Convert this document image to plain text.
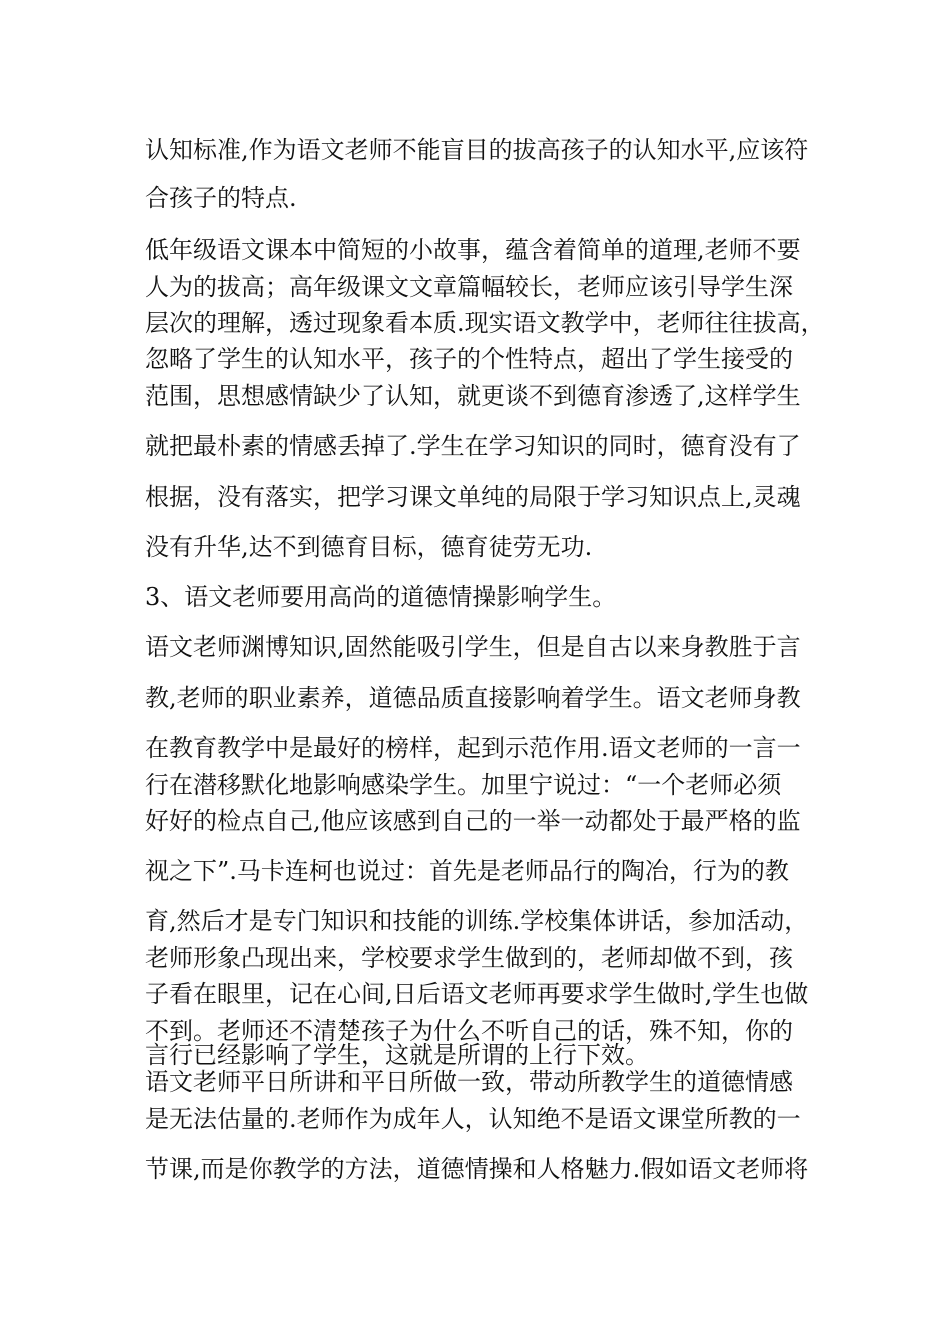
认知标准,作为语文老师不能盲目的拔高孩子的认知水平,应该符
合孩子的特点.
低年级语文课本中简短的小故事，蕴含着简单的道理,老师不要
人为的拔高；高年级课文文章篇幅较长，老师应该引导学生深
层次的理解，透过现象看本质.现实语文教学中，老师往往拔高，
忽略了学生的认知水平，孩子的个性特点，超出了学生接受的
范围，思想感情缺少了认知，就更谈不到德育渗透了,这样学生
就把最朴素的情感丢掉了.学生在学习知识的同时，德育没有了
根据，没有落实，把学习课文单纯的局限于学习知识点上,灵魂
没有升华,达不到德育目标，德育徒劳无功.
3、语文老师要用高尚的道德情操影响学生。
语文老师渊博知识,固然能吸引学生，但是自古以来身教胜于言
教,老师的职业素养，道德品质直接影响着学生。语文老师身教
在教育教学中是最好的榜样，起到示范作用.语文老师的一言一
行在潜移默化地影响感染学生。加里宁说过：“一个老师必须
好好的检点自己,他应该感到自己的一举一动都处于最严格的监
视之下”.马卡连柯也说过：首先是老师品行的陶冶，行为的教
育,然后才是专门知识和技能的训练.学校集体讲话，参加活动，
老师形象凸现出来，学校要求学生做到的，老师却做不到，孩
子看在眼里，记在心间,日后语文老师再要求学生做时,学生也做
不到。老师还不清楚孩子为什么不听自己的话，殊不知，你的
言行已经影响了学生，这就是所谓的上行下效。
语文老师平日所讲和平日所做一致，带动所教学生的道德情感
是无法估量的.老师作为成年人，认知绝不是语文课堂所教的一
节课,而是你教学的方法，道德情操和人格魅力.假如语文老师将
